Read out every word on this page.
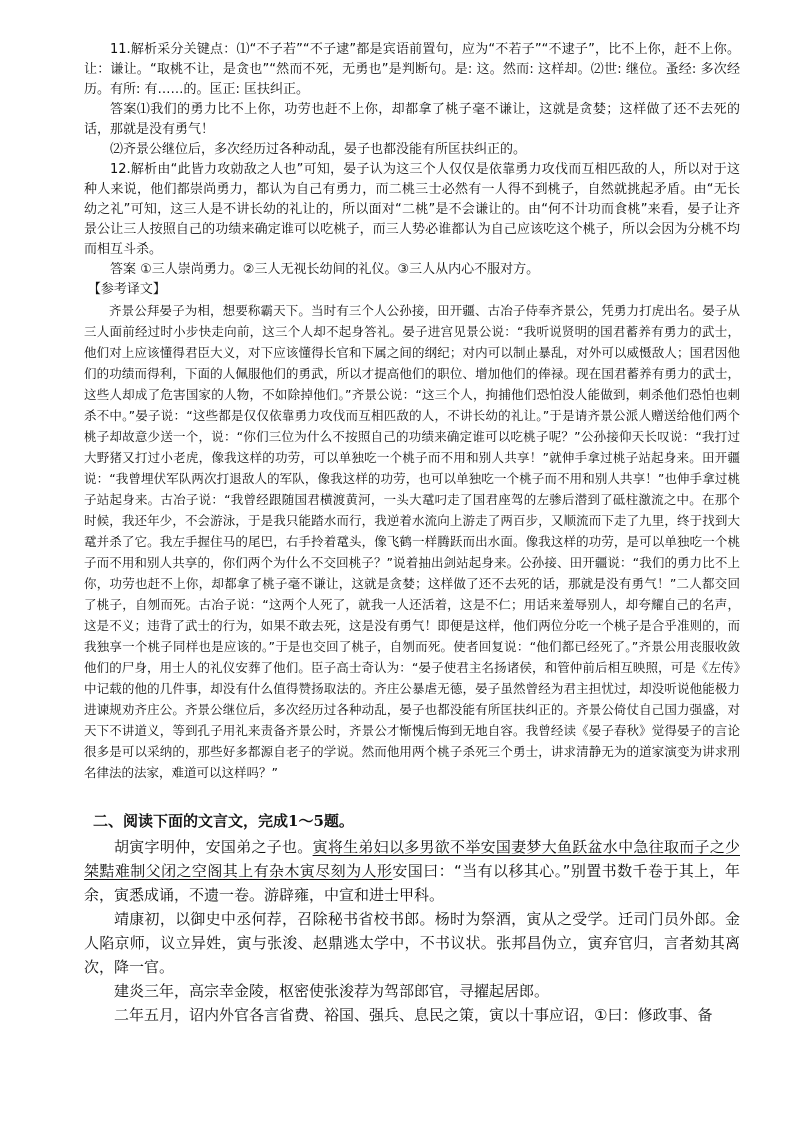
11.解析采分关键点：⑴“不子若”“不子逮”都是宾语前置句，应为“不若子”“不逮子”，比不上你，赶不上你。让：谦让。“取桃不让，是贪也”“然而不死，无勇也”是判断句。是: 这。然而: 这样却。⑵世: 继位。蚤经: 多次经历。有所: 有……的。匡正: 匡扶纠正。

答案⑴我们的勇力比不上你，功劳也赶不上你，却都拿了桃子毫不谦让，这就是贪婪；这样做了还不去死的话，那就是没有勇气！

⑵齐景公继位后，多次经历过各种动乱，晏子也都没能有所匡扶纠正的。

12.解析由“此皆力攻勍敌之人也”可知，晏子认为这三个人仅仅是依靠勇力攻伐而互相匹敌的人，所以对于这种人来说，他们都崇尚勇力，都认为自己有勇力，而二桃三士必然有一人得不到桃子，自然就挑起矛盾。由“无长幼之礼”可知，这三人是不讲长幼的礼让的，所以面对“二桃”是不会谦让的。由“何不计功而食桃”来看，晏子让齐景公让三人按照自己的功绩来确定谁可以吃桃子，而三人势必谁都认为自己应该吃这个桃子，所以会因为分桃不均而相互斗杀。

答案 ①三人崇尚勇力。②三人无视长幼间的礼仪。③三人从内心不服对方。

【参考译文】

齐景公拜晏子为相，想要称霸天下。当时有三个人公孙接，田开疆、古冶子侍奉齐景公，凭勇力打虎出名。晏子从三人面前经过时小步快走向前，这三个人却不起身答礼。晏子进宫见景公说：“我听说贤明的国君蓄养有勇力的武士，他们对上应该懂得君臣大义，对下应该懂得长官和下属之间的纲纪；对内可以制止暴乱，对外可以威慑敌人；国君因他们的功绩而得利，下面的人佩服他们的勇武，所以才提高他们的职位、增加他们的俸禄。现在国君蓄养有勇力的武士，这些人却成了危害国家的人物，不如除掉他们。”齐景公说：“这三个人，拘捕他们恐怕没人能做到，刺杀他们恐怕也刺杀不中。”晏子说：“这些都是仅仅依靠勇力攻伐而互相匹敌的人，不讲长幼的礼让。”于是请齐景公派人赠送给他们两个桃子却故意少送一个，说：“你们三位为什么不按照自己的功绩来确定谁可以吃桃子呢？”公孙接仰天长叹说：“我打过大野猪又打过小老虎，像我这样的功劳，可以单独吃一个桃子而不用和别人共享！”就伸手拿过桃子站起身来。田开疆说：“我曾埋伏军队两次打退敌人的军队，像我这样的功劳，也可以单独吃一个桃子而不用和别人共享！”也伸手拿过桃子站起身来。古冶子说：“我曾经跟随国君横渡黄河，一头大鼋叼走了国君座驾的左骖后潜到了砥柱激流之中。在那个时候，我还年少，不会游泳，于是我只能踏水而行，我逆着水流向上游走了两百步，又顺流而下走了九里，终于找到大鼋并杀了它。我左手握住马的尾巴，右手拎着鼋头，像飞鹤一样腾跃而出水面。像我这样的功劳，是可以单独吃一个桃子而不用和别人共享的，你们两个为什么不交回桃子？”说着抽出剑站起身来。公孙接、田开疆说：“我们的勇力比不上你，功劳也赶不上你，却都拿了桃子毫不谦让，这就是贪婪；这样做了还不去死的话，那就是没有勇气！”二人都交回了桃子，自刎而死。古冶子说：“这两个人死了，就我一人还活着，这是不仁；用话来羞辱别人，却夸耀自己的名声，这是不义；违背了武士的行为，如果不敢去死，这是没有勇气！即便是这样，他们两位分吃一个桃子是合乎准则的，而我独享一个桃子同样也是应该的。”于是也交回了桃子，自刎而死。使者回复说：“他们都已经死了。”齐景公用丧服收敛他们的尸身，用士人的礼仪安葬了他们。臣子高士奇认为：“晏子使君主名扬诸侯，和管仲前后相互映照，可是《左传》中记载的他的几件事，却没有什么值得赞扬取法的。齐庄公暴虐无德，晏子虽然曾经为君主担忧过，却没听说他能极力进谏规劝齐庄公。齐景公继位后，多次经历过各种动乱，晏子也都没能有所匡扶纠正的。齐景公倚仗自己国力强盛，对天下不讲道义，等到孔子用礼来责备齐景公时，齐景公才惭愧后悔到无地自容。我曾经读《晏子春秋》觉得晏子的言论很多是可以采纳的，那些好多都源自老子的学说。然而他用两个桃子杀死三个勇士，讲求清静无为的道家演变为讲求刑名律法的法家，难道可以这样吗？”

二、阅读下面的文言文，完成1～5题。

胡寅字明仲，安国弟之子也。寅将生弟妇以多男欲不举安国妻梦大鱼跃盆水中急往取而子之少桀黠难制父闭之空阁其上有杂木寅尽刻为人形安国曰：“当有以移其心。”别置书数千卷于其上，年余，寅悉成诵，不遗一卷。游辟雍，中宣和进士甲科。

靖康初，以御史中丞何荐，召除秘书省校书郎。杨时为祭酒，寅从之受学。迁司门员外郎。金人陷京师，议立异姓，寅与张浚、赵鼎逃太学中，不书议状。张邦昌伪立，寅弃官归，言者劾其离次，降一官。

建炎三年，高宗幸金陵，枢密使张浚荐为驾部郎官，寻擢起居郎。

二年五月，诏内外官各言省费、裕国、强兵、息民之策，寅以十事应诏，①曰：修政事、备
